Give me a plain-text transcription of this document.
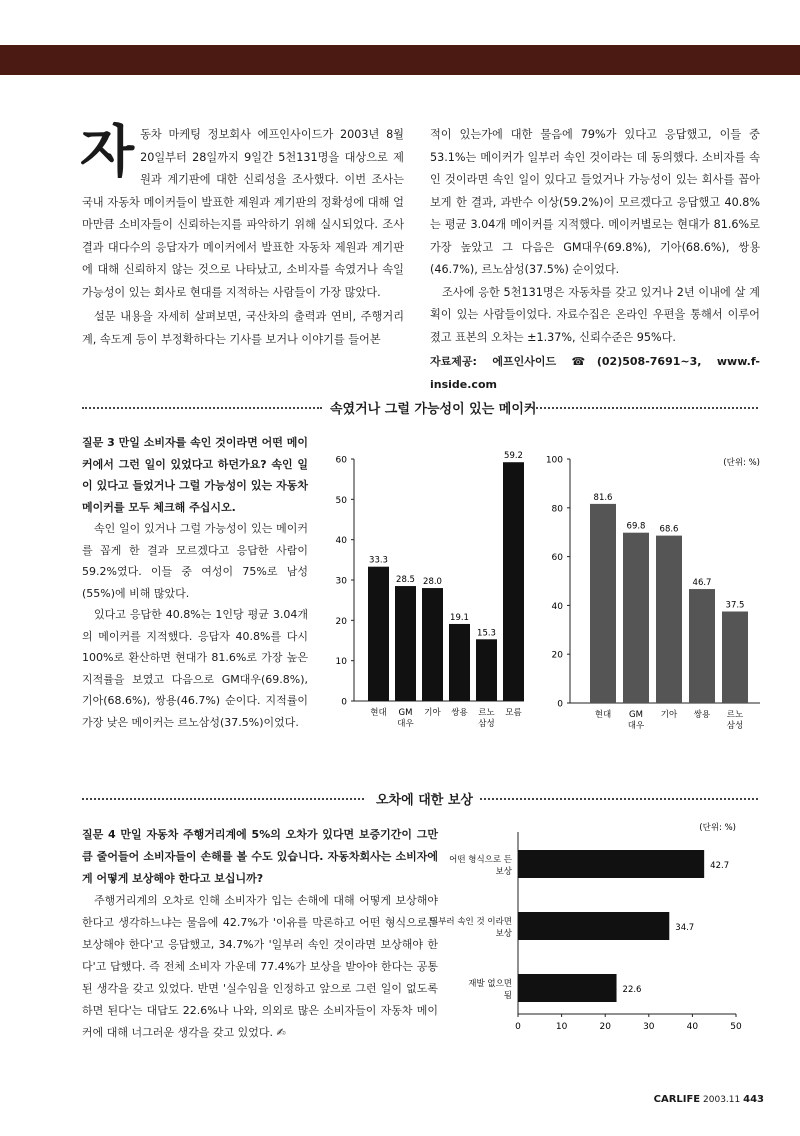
자 동차 마케팅 정보회사 에프인사이드가 2003년 8월 20일부터 28일까지 9일간 5천131명을 대상으로 제원과 계기판에 대한 신뢰성을 조사했다. 이번 조사는 국내 자동차 메이커들이 발표한 제원과 계기판의 정확성에 대해 얼마만큼 소비자들이 신뢰하는지를 파악하기 위해 실시되었다. 조사결과 대다수의 응답자가 메이커에서 발표한 자동차 제원과 계기판에 대해 신뢰하지 않는 것으로 나타났고, 소비자를 속였거나 속일 가능성이 있는 회사로 현대를 지적하는 사람들이 가장 많았다.

설문 내용을 자세히 살펴보면, 국산차의 출력과 연비, 주행거리계, 속도계 등이 부정확하다는 기사를 보거나 이야기를 들어본

적이 있는가에 대한 물음에 79%가 있다고 응답했고, 이들 중 53.1%는 메이커가 일부러 속인 것이라는 데 동의했다. 소비자를 속인 것이라면 속인 일이 있다고 들었거나 가능성이 있는 회사를 꼽아보게 한 결과, 과반수 이상(59.2%)이 모르겠다고 응답했고 40.8%는 평균 3.04개 메이커를 지적했다. 메이커별로는 현대가 81.6%로 가장 높았고 그 다음은 GM대우(69.8%), 기아(68.6%), 쌍용(46.7%), 르노삼성(37.5%) 순이었다.

조사에 응한 5천131명은 자동차를 갖고 있거나 2년 이내에 살 계획이 있는 사람들이었다. 자료수집은 온라인 우편을 통해서 이루어졌고 표본의 오차는 ±1.37%, 신뢰수준은 95%다.

자료제공: 에프인사이드 ☎(02)508-7691~3, www.f-inside.com
속였거나 그럴 가능성이 있는 메이커

질문 3 만일 소비자를 속인 것이라면 어떤 메이커에서 그런 일이 있었다고 하던가요? 속인 일이 있다고 들었거나 그럴 가능성이 있는 자동차 메이커를 모두 체크해 주십시오.

속인 일이 있거나 그럴 가능성이 있는 메이커를 꼽게 한 결과 모르겠다고 응답한 사람이 59.2%였다. 이들 중 여성이 75%로 남성(55%)에 비해 많았다.

있다고 응답한 40.8%는 1인당 평균 3.04개의 메이커를 지적했다. 응답자 40.8%를 다시 100%로 환산하면 현대가 81.6%로 가장 높은 지적률을 보였고 다음으로 GM대우(69.8%), 기아(68.6%), 쌍용(46.7%) 순이다. 지적률이 가장 낮은 메이커는 르노삼성(37.5%)이었다.

0
10
20
30
40
50
60
33.3
현대
28.5
GM
대우
28.0
기아
19.1
쌍용
15.3
르노
삼성
59.2
모름
0
20
40
60
80
100	(단위: %)
81.6
현대
69.8
GM
대우
68.6
기아
46.7
쌍용
37.5
르노
삼성
오차에 대한 보상

질문 4 만일 자동차 주행거리계에 5%의 오차가 있다면 보증기간이 그만큼 줄어들어 소비자들이 손해를 볼 수도 있습니다. 자동차회사는 소비자에게 어떻게 보상해야 한다고 보십니까?

주행거리계의 오차로 인해 소비자가 입는 손해에 대해 어떻게 보상해야 한다고 생각하느냐는 물음에 42.7%가 '이유를 막론하고 어떤 형식으로든 보상해야 한다'고 응답했고, 34.7%가 '일부러 속인 것이라면 보상해야 한다'고 답했다. 즉 전체 소비자 가운데 77.4%가 보상을 받아야 한다는 공통된 생각을 갖고 있었다. 반면 '실수임을 인정하고 앞으로 그런 일이 없도록 하면 된다'는 대답도 22.6%나 나와, 의외로 많은 소비자들이 자동차 메이커에 대해 너그러운 생각을 갖고 있었다. ✍	0	10	20	30	40	50
(단위: %)
42.7
어떤 형식으로 든
보상
34.7
일부러 속인 것 이라면
보상
22.6
재발 없으면
됨
CARLIFE 2003.11 443
